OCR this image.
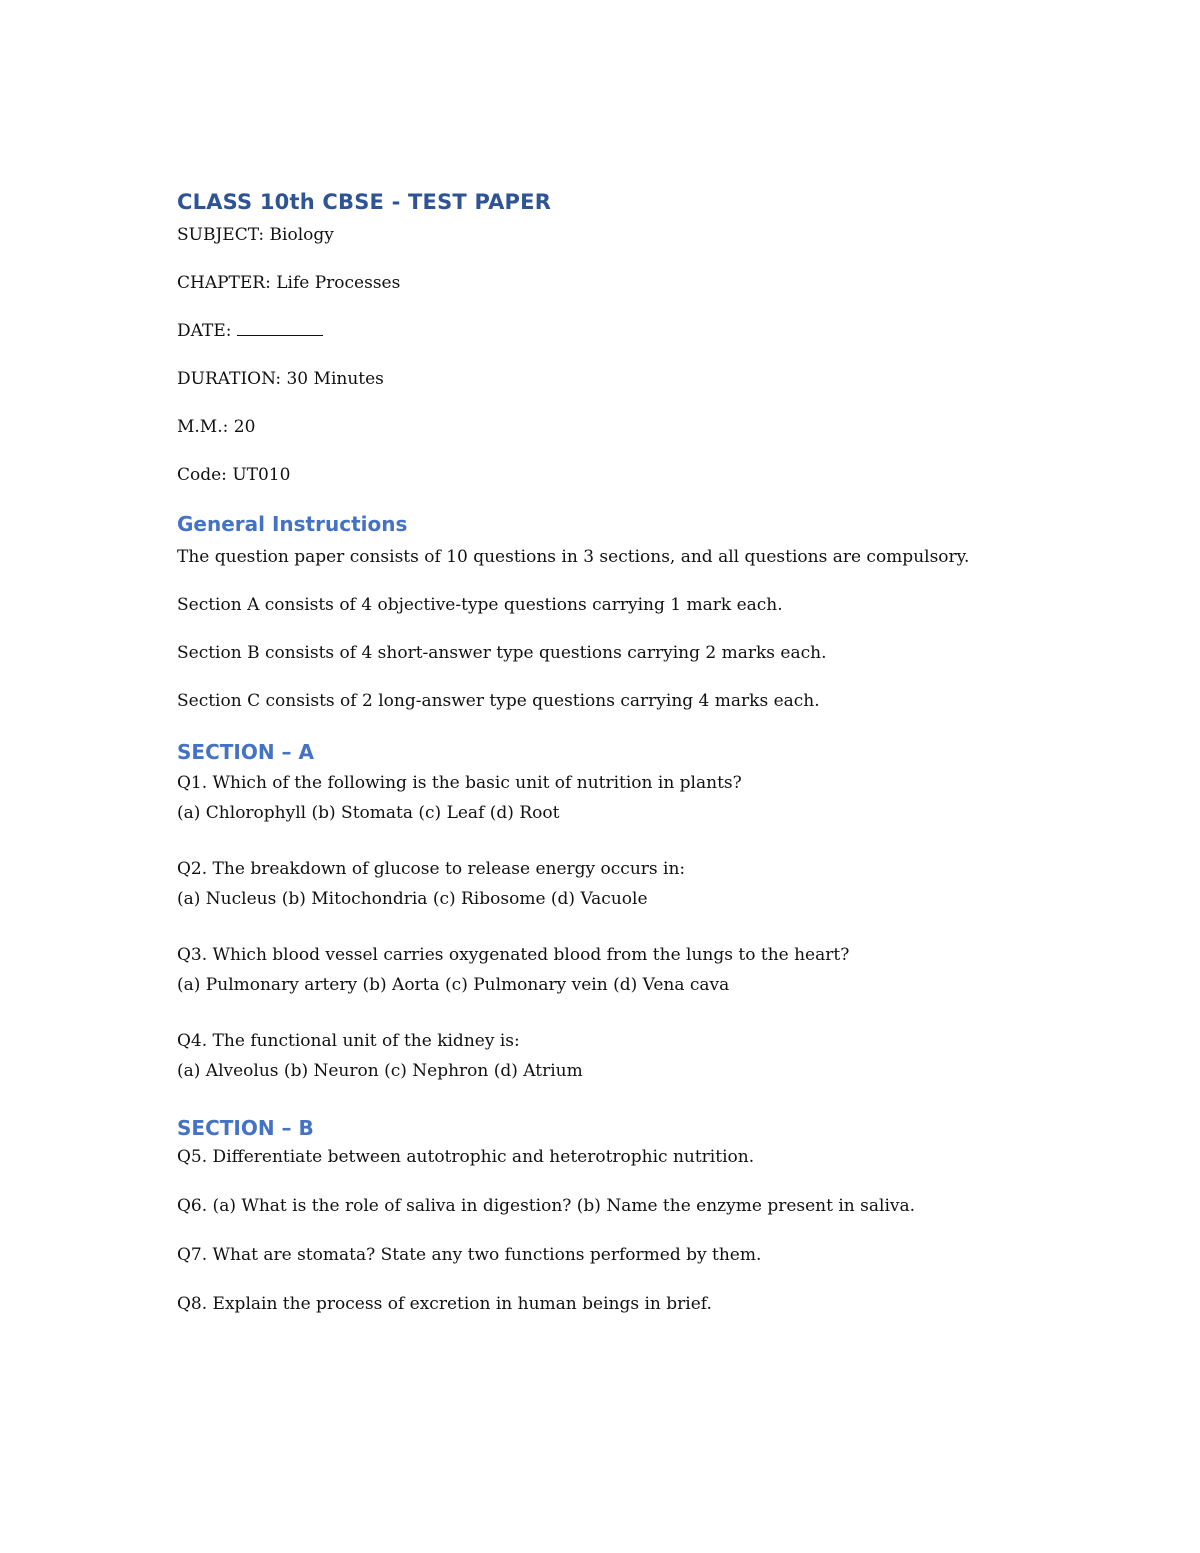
CLASS 10th CBSE - TEST PAPER

SUBJECT: Biology

CHAPTER: Life Processes

DATE:

DURATION: 30 Minutes

M.M.: 20

Code: UT010

General Instructions

The question paper consists of 10 questions in 3 sections, and all questions are compulsory.

Section A consists of 4 objective-type questions carrying 1 mark each.

Section B consists of 4 short-answer type questions carrying 2 marks each.

Section C consists of 2 long-answer type questions carrying 4 marks each.

SECTION – A

Q1. Which of the following is the basic unit of nutrition in plants?

(a) Chlorophyll (b) Stomata (c) Leaf (d) Root

Q2. The breakdown of glucose to release energy occurs in:

(a) Nucleus (b) Mitochondria (c) Ribosome (d) Vacuole

Q3. Which blood vessel carries oxygenated blood from the lungs to the heart?

(a) Pulmonary artery (b) Aorta (c) Pulmonary vein (d) Vena cava

Q4. The functional unit of the kidney is:

(a) Alveolus (b) Neuron (c) Nephron (d) Atrium

SECTION – B

Q5. Differentiate between autotrophic and heterotrophic nutrition.

Q6. (a) What is the role of saliva in digestion? (b) Name the enzyme present in saliva.

Q7. What are stomata? State any two functions performed by them.

Q8. Explain the process of excretion in human beings in brief.
